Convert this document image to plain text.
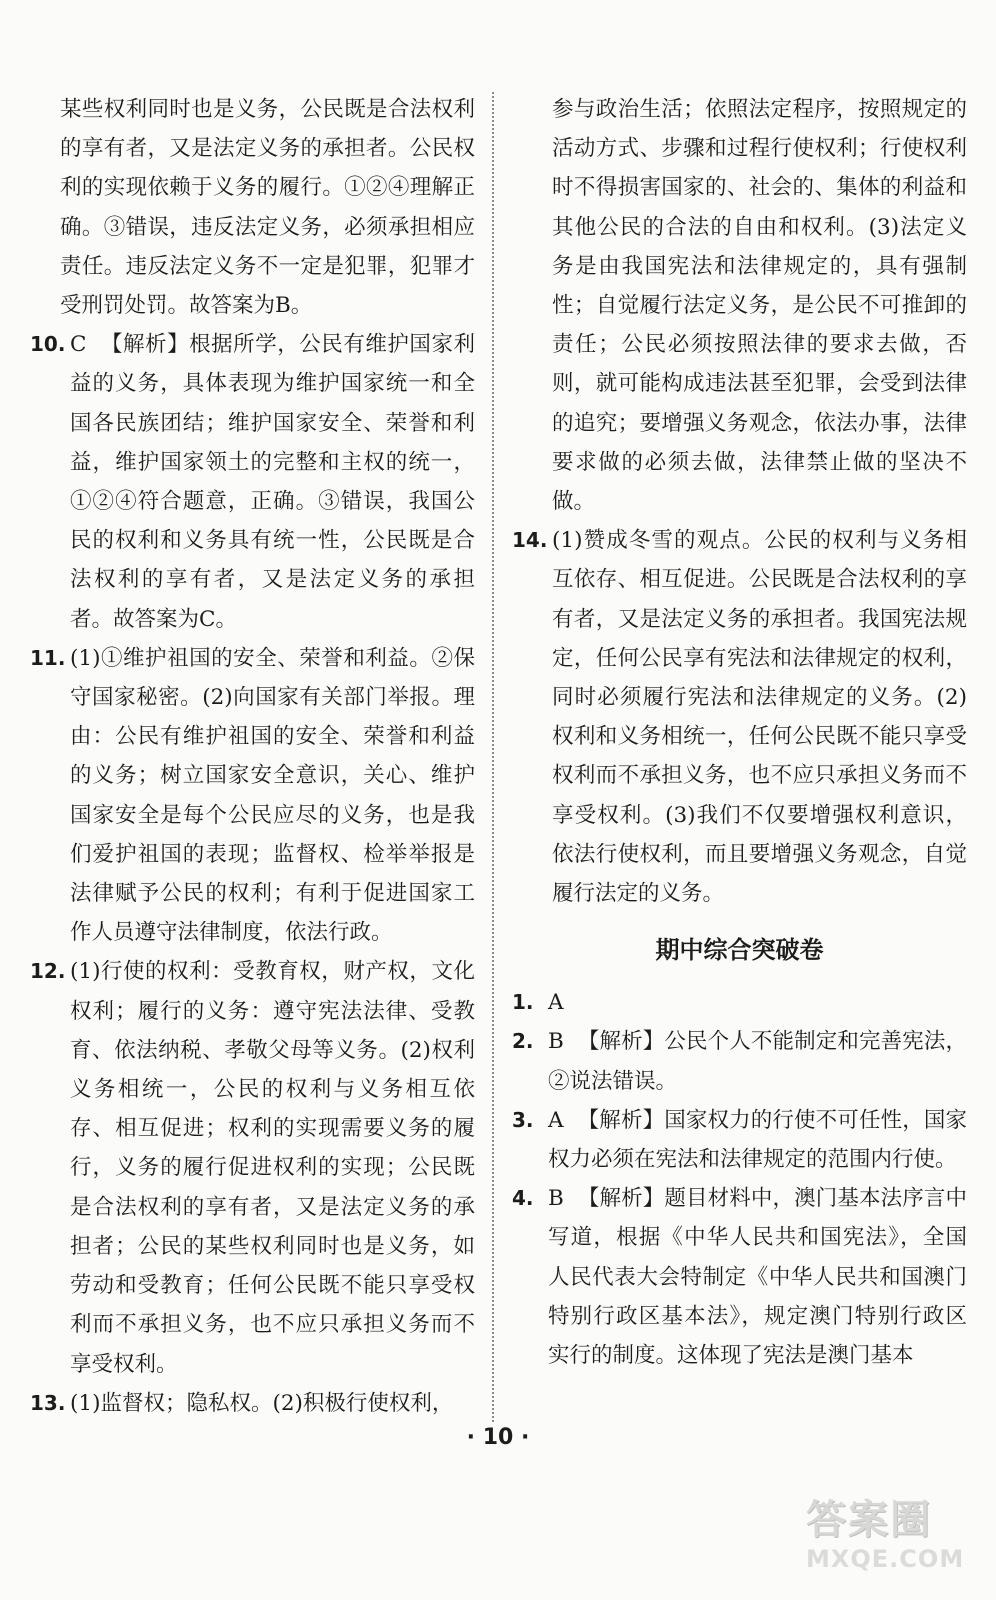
某些权利同时也是义务，公民既是合法权利的享有者，又是法定义务的承担者。公民权利的实现依赖于义务的履行。①②④理解正确。③错误，违反法定义务，必须承担相应责任。违反法定义务不一定是犯罪，犯罪才受刑罚处罚。故答案为B。

10. C 【解析】根据所学，公民有维护国家利益的义务，具体表现为维护国家统一和全国各民族团结；维护国家安全、荣誉和利益，维护国家领土的完整和主权的统一，①②④符合题意，正确。③错误，我国公民的权利和义务具有统一性，公民既是合法权利的享有者，又是法定义务的承担者。故答案为C。
11. (1)①维护祖国的安全、荣誉和利益。②保守国家秘密。(2)向国家有关部门举报。理由：公民有维护祖国的安全、荣誉和利益的义务；树立国家安全意识，关心、维护国家安全是每个公民应尽的义务，也是我们爱护祖国的表现；监督权、检举举报是法律赋予公民的权利；有利于促进国家工作人员遵守法律制度，依法行政。
12. (1)行使的权利：受教育权，财产权，文化权利；履行的义务：遵守宪法法律、受教育、依法纳税、孝敬父母等义务。(2)权利义务相统一，公民的权利与义务相互依存、相互促进；权利的实现需要义务的履行，义务的履行促进权利的实现；公民既是合法权利的享有者，又是法定义务的承担者；公民的某些权利同时也是义务，如劳动和受教育；任何公民既不能只享受权利而不承担义务，也不应只承担义务而不享受权利。
13. (1)监督权；隐私权。(2)积极行使权利，

参与政治生活；依照法定程序，按照规定的活动方式、步骤和过程行使权利；行使权利时不得损害国家的、社会的、集体的利益和其他公民的合法的自由和权利。(3)法定义务是由我国宪法和法律规定的，具有强制性；自觉履行法定义务，是公民不可推卸的责任；公民必须按照法律的要求去做，否则，就可能构成违法甚至犯罪，会受到法律的追究；要增强义务观念，依法办事，法律要求做的必须去做，法律禁止做的坚决不做。

14. (1)赞成冬雪的观点。公民的权利与义务相互依存、相互促进。公民既是合法权利的享有者，又是法定义务的承担者。我国宪法规定，任何公民享有宪法和法律规定的权利，同时必须履行宪法和法律规定的义务。(2)权利和义务相统一，任何公民既不能只享受权利而不承担义务，也不应只承担义务而不享受权利。(3)我们不仅要增强权利意识，依法行使权利，而且要增强义务观念，自觉履行法定的义务。
期中综合突破卷
1. A
2. B 【解析】公民个人不能制定和完善宪法，②说法错误。
3. A 【解析】国家权力的行使不可任性，国家权力必须在宪法和法律规定的范围内行使。
4. B 【解析】题目材料中，澳门基本法序言中写道，根据《中华人民共和国宪法》，全国人民代表大会特制定《中华人民共和国澳门特别行政区基本法》，规定澳门特别行政区实行的制度。这体现了宪法是澳门基本
· 10 ·
答案圈
MXQE.COM
